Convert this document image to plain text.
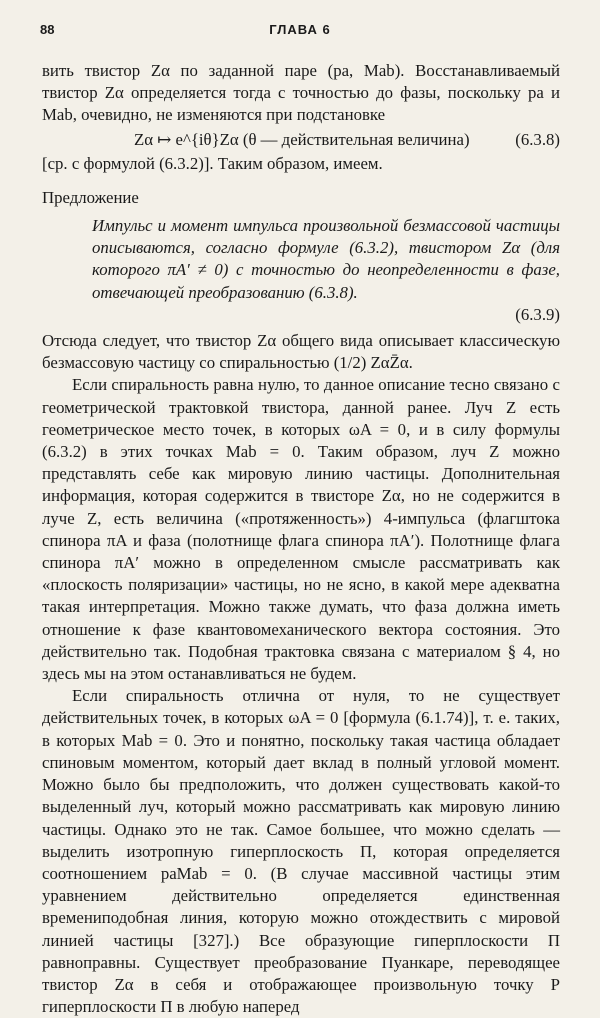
88	ГЛАВА 6

вить твистор Zα по заданной паре (pa, Mab). Восстанавливаемый твистор Zα определяется тогда с точностью до фазы, поскольку pa и Mab, очевидно, не изменяются при подстановке

Zα ↦ e^{iθ}Zα (θ — действительная величина)	(6.3.8)

[ср. с формулой (6.3.2)]. Таким образом, имеем.

Предложение

Импульс и момент импульса произвольной безмассовой частицы описываются, согласно формуле (6.3.2), твистором Zα (для которого πA′ ≠ 0) с точностью до неопределенности в фазе, отвечающей преобразованию (6.3.8).

(6.3.9)

Отсюда следует, что твистор Zα общего вида описывает классическую безмассовую частицу со спиральностью (1/2) ZαZ̄α.

Если спиральность равна нулю, то данное описание тесно связано с геометрической трактовкой твистора, данной ранее. Луч Z есть геометрическое место точек, в которых ωA = 0, и в силу формулы (6.3.2) в этих точках Mab = 0. Таким образом, луч Z можно представлять себе как мировую линию частицы. Дополнительная информация, которая содержится в твисторе Zα, но не содержится в луче Z, есть величина («протяженность») 4-импульса (флагштока спинора πA и фаза (полотнище флага спинора πA′). Полотнище флага спинора πA′ можно в определенном смысле рассматривать как «плоскость поляризации» частицы, но не ясно, в какой мере адекватна такая интерпретация. Можно также думать, что фаза должна иметь отношение к фазе квантовомеханического вектора состояния. Это действительно так. Подобная трактовка связана с материалом § 4, но здесь мы на этом останавливаться не будем.

Если спиральность отлична от нуля, то не существует действительных точек, в которых ωA = 0 [формула (6.1.74)], т. е. таких, в которых Mab = 0. Это и понятно, поскольку такая частица обладает спиновым моментом, который дает вклад в полный угловой момент. Можно было бы предположить, что должен существовать какой-то выделенный луч, который можно рассматривать как мировую линию частицы. Однако это не так. Самое большее, что можно сделать — выделить изотропную гиперплоскость Π, которая определяется соотношением paMab = 0. (В случае массивной частицы этим уравнением действительно определяется единственная времениподобная линия, которую можно отождествить с мировой линией частицы [327].) Все образующие гиперплоскости Π равноправны. Существует преобразование Пуанкаре, переводящее твистор Zα в себя и отображающее произвольную точку P гиперплоскости Π в любую наперед
